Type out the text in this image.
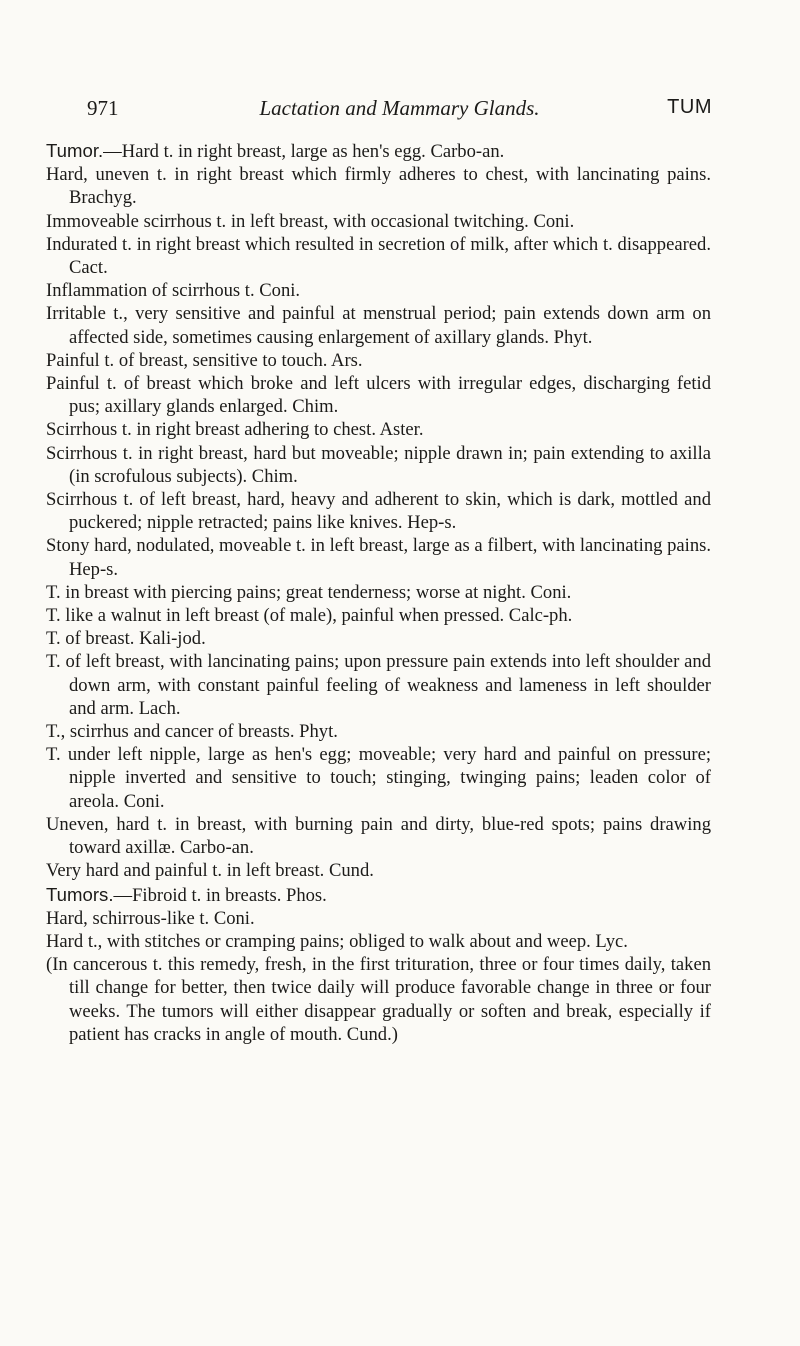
971	Lactation and Mammary Glands.	TUM

Tumor.—Hard t. in right breast, large as hen's egg. Carbo-an.

Hard, uneven t. in right breast which firmly adheres to chest, with lancinating pains. Brachyg.

Immoveable scirrhous t. in left breast, with occasional twitching. Coni.

Indurated t. in right breast which resulted in secretion of milk, after which t. disappeared. Cact.

Inflammation of scirrhous t. Coni.

Irritable t., very sensitive and painful at menstrual period; pain extends down arm on affected side, sometimes causing enlargement of axillary glands. Phyt.

Painful t. of breast, sensitive to touch. Ars.

Painful t. of breast which broke and left ulcers with irregular edges, discharging fetid pus; axillary glands enlarged. Chim.

Scirrhous t. in right breast adhering to chest. Aster.

Scirrhous t. in right breast, hard but moveable; nipple drawn in; pain extending to axilla (in scrofulous subjects). Chim.

Scirrhous t. of left breast, hard, heavy and adherent to skin, which is dark, mottled and puckered; nipple retracted; pains like knives. Hep-s.

Stony hard, nodulated, moveable t. in left breast, large as a filbert, with lancinating pains. Hep-s.

T. in breast with piercing pains; great tenderness; worse at night. Coni.

T. like a walnut in left breast (of male), painful when pressed. Calc-ph.

T. of breast. Kali-jod.

T. of left breast, with lancinating pains; upon pressure pain extends into left shoulder and down arm, with constant painful feeling of weakness and lameness in left shoulder and arm. Lach.

T., scirrhus and cancer of breasts. Phyt.

T. under left nipple, large as hen's egg; moveable; very hard and painful on pressure; nipple inverted and sensitive to touch; stinging, twinging pains; leaden color of areola. Coni.

Uneven, hard t. in breast, with burning pain and dirty, blue-red spots; pains drawing toward axillæ. Carbo-an.

Very hard and painful t. in left breast. Cund.

Tumors.—Fibroid t. in breasts. Phos.

Hard, schirrous-like t. Coni.

Hard t., with stitches or cramping pains; obliged to walk about and weep. Lyc.

(In cancerous t. this remedy, fresh, in the first trituration, three or four times daily, taken till change for better, then twice daily will produce favorable change in three or four weeks. The tumors will either disappear gradually or soften and break, especially if patient has cracks in angle of mouth. Cund.)
